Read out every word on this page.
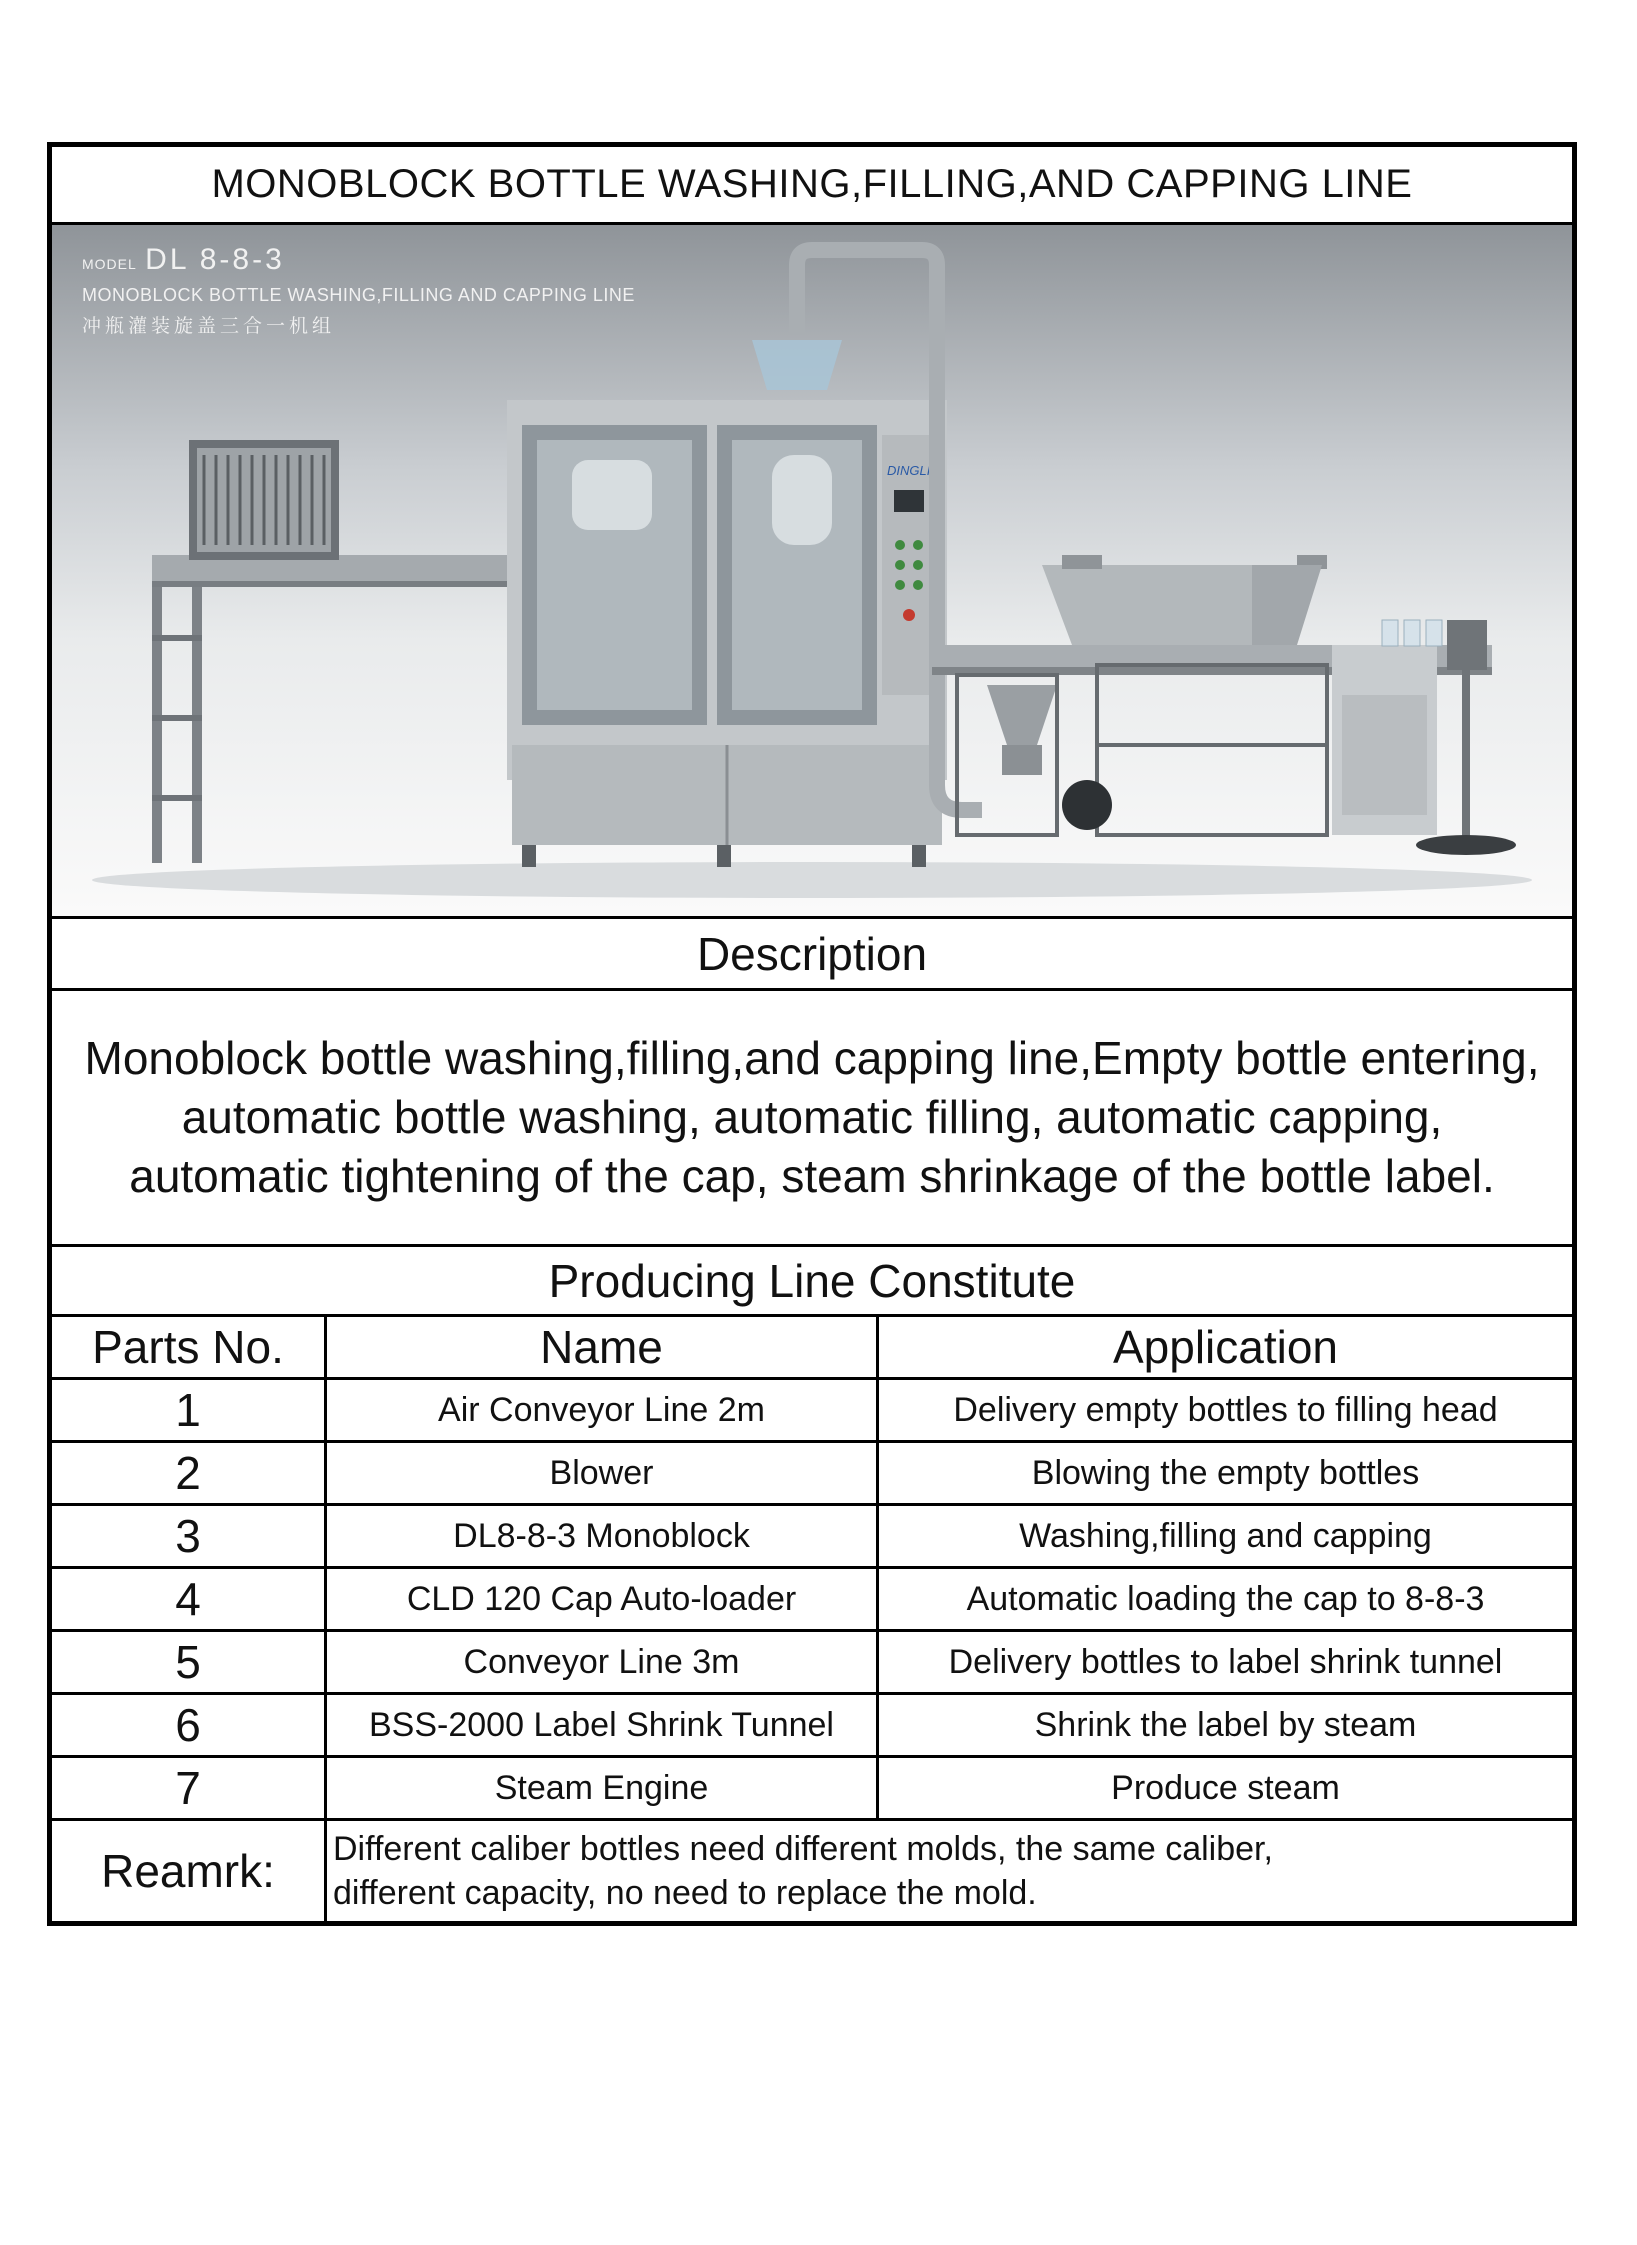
MONOBLOCK BOTTLE WASHING,FILLING,AND CAPPING LINE
DINGLI
MODEL DL 8-8-3
MONOBLOCK BOTTLE WASHING,FILLING AND CAPPING LINE
冲瓶灌装旋盖三合一机组
Description
Monoblock bottle washing,filling,and capping line,Empty bottle entering, automatic bottle washing, automatic filling, automatic capping, automatic tightening of the cap, steam shrinkage of the bottle label.
Producing Line Constitute
Parts No.	Name	Application
1	Air Conveyor Line 2m	Delivery empty bottles to filling head
2	Blower	Blowing the empty bottles
3	DL8-8-3 Monoblock	Washing,filling and capping
4	CLD 120 Cap Auto-loader	Automatic loading the cap to 8-8-3
5	Conveyor Line 3m	Delivery bottles to label shrink tunnel
6	BSS-2000 Label Shrink Tunnel	Shrink the label by steam
7	Steam Engine	Produce steam
Reamrk:	Different caliber bottles need different molds, the same caliber,
different capacity, no need to replace the mold.
